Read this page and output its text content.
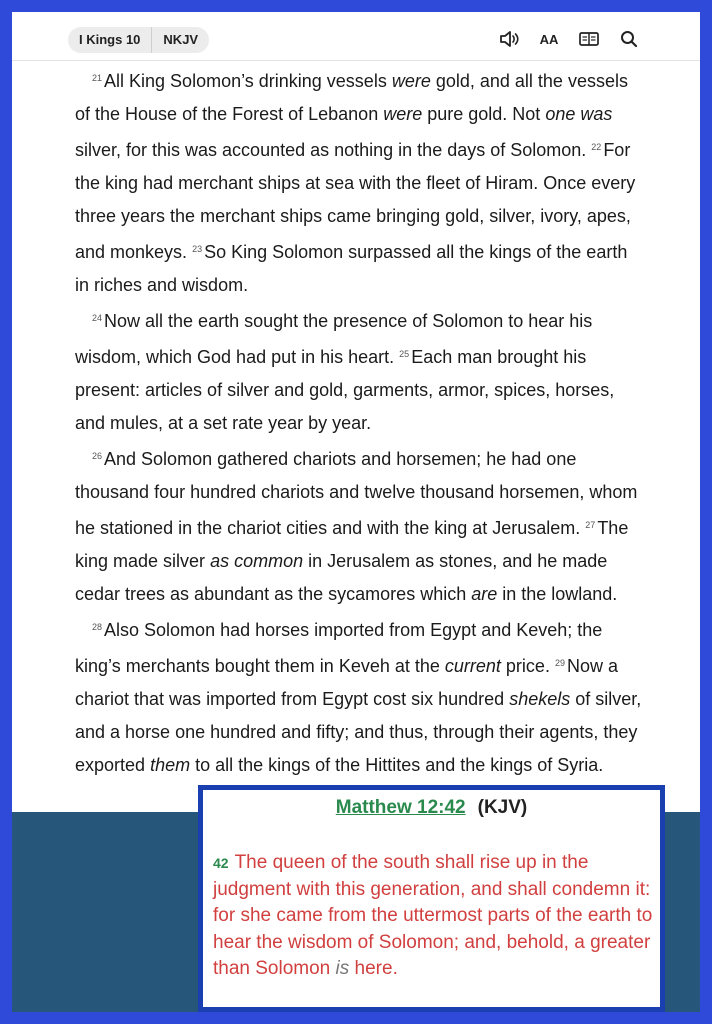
I Kings 10	NKJV	AA

$^{21}$ All King Solomon’s drinking vessels were gold, and all the vessels of the House of the Forest of Lebanon were pure gold. Not one was silver, for this was accounted as nothing in the days of Solomon. $^{22}$ For the king had merchant ships at sea with the fleet of Hiram. Once every three years the merchant ships came bringing gold, silver, ivory, apes, and monkeys. $^{23}$ So King Solomon surpassed all the kings of the earth in riches and wisdom.

$^{24}$ Now all the earth sought the presence of Solomon to hear his wisdom, which God had put in his heart. $^{25}$ Each man brought his present: articles of silver and gold, garments, armor, spices, horses, and mules, at a set rate year by year.

$^{26}$ And Solomon gathered chariots and horsemen; he had one thousand four hundred chariots and twelve thousand horsemen, whom he stationed in the chariot cities and with the king at Jerusalem. $^{27}$ The king made silver as common in Jerusalem as stones, and he made cedar trees as abundant as the sycamores which are in the lowland.

$^{28}$ Also Solomon had horses imported from Egypt and Keveh; the king’s merchants bought them in Keveh at the current price. $^{29}$ Now a chariot that was imported from Egypt cost six hundred shekels of silver, and a horse one hundred and fifty; and thus, through their agents, they exported them to all the kings of the Hittites and the kings of Syria.

Matthew 12:42 (KJV)
42 The queen of the south shall rise up in the judgment with this generation, and shall condemn it: for she came from the uttermost parts of the earth to hear the wisdom of Solomon; and, behold, a greater than Solomon is here.
